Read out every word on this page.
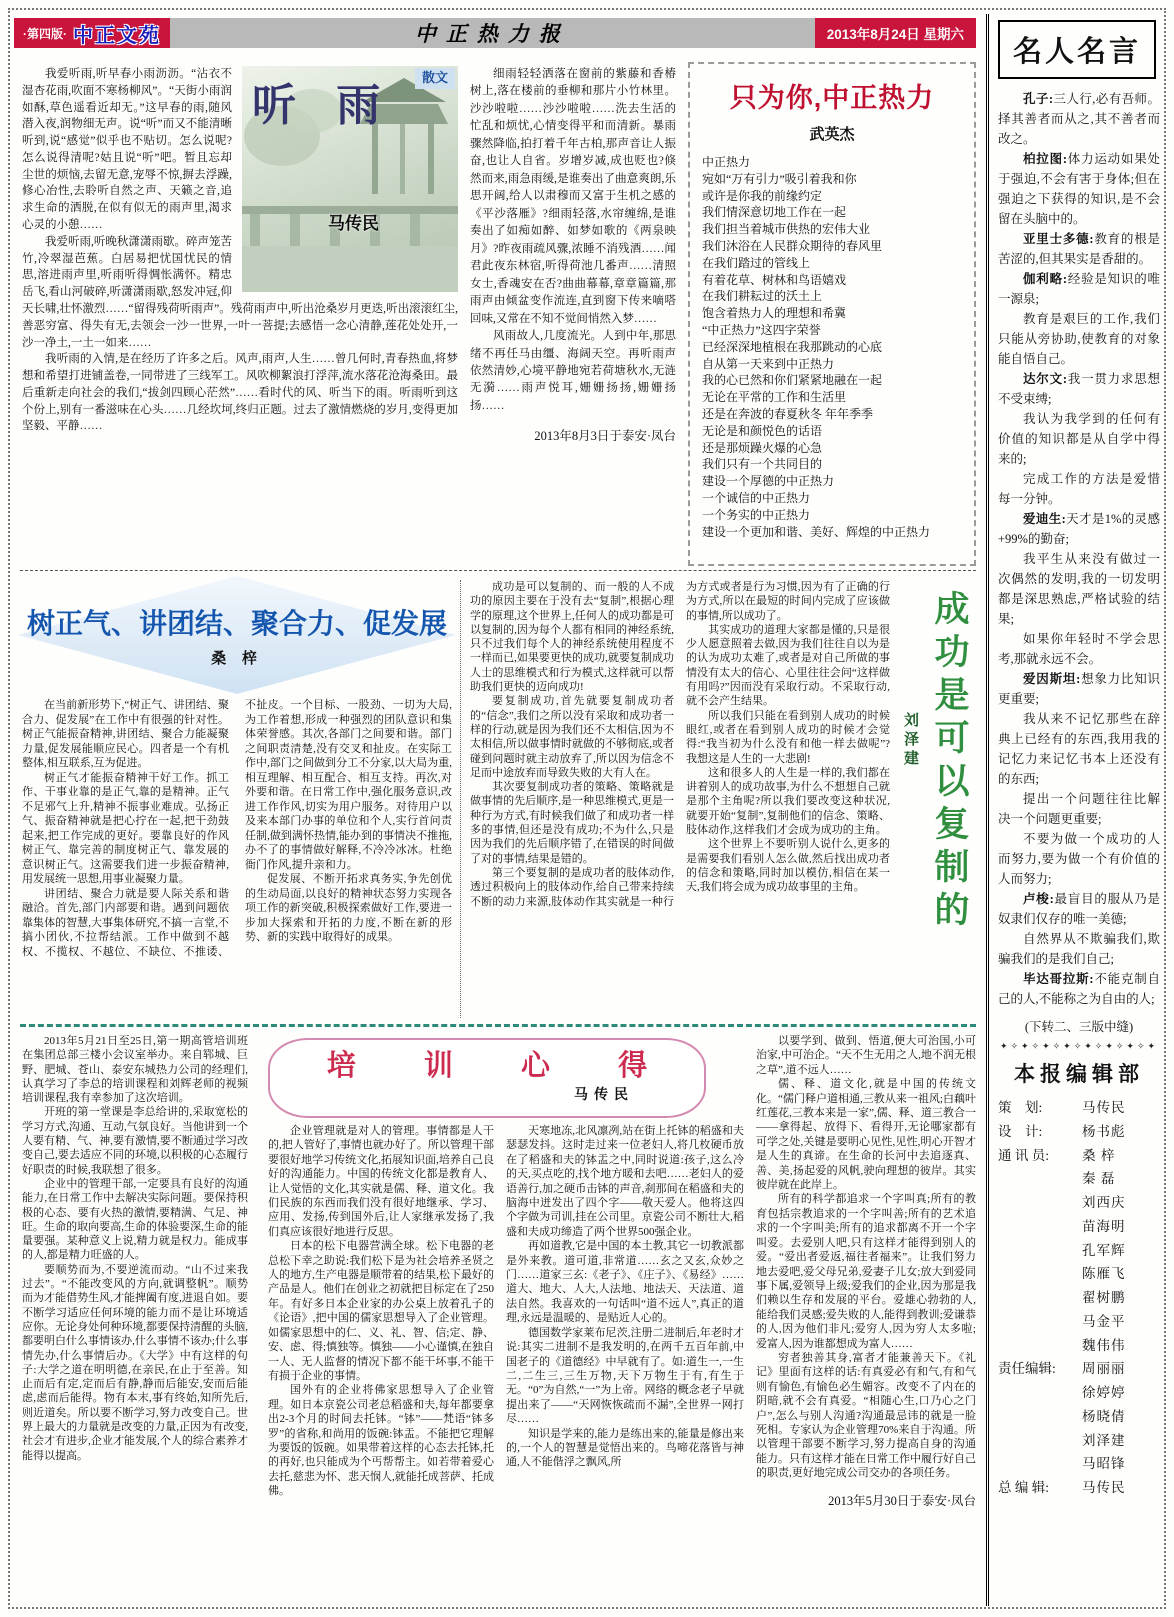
·第四版· 中正文苑	中正热力报	2013年8月24日 星期六
散文
听 雨
马传民

我爱听雨,听早春小雨沥沥。“沾衣不湿杏花雨,吹面不寒杨柳风”。“天街小雨润如酥,草色遥看近却无。”这早春的雨,随风潜入夜,润物细无声。说“听”而又不能清晰听到,说“感觉”似乎也不贴切。怎么说呢?怎么说得清呢?姑且说“听”吧。暂且忘却尘世的烦恼,去留无意,宠辱不惊,摒去浮躁,修心冶性,去聆听自然之声、天籁之音,追求生命的洒脱,在似有似无的雨声里,渴求心灵的小憩……

我爱听雨,听晚秋潇潇雨歇。碎声笼苦竹,冷翠湿芭蕉。白居易把忧国忧民的情思,溶进雨声里,听雨听得惆怅满怀。精忠岳飞,看山河破碎,听潇潇雨歇,怒发冲冠,仰天长啸,壮怀激烈……“留得残荷听雨声”。残荷雨声中,听出沧桑岁月更迭,听出滚滚红尘,善恶穷富、得失有无,去领会一沙一世界,一叶一菩提;去感悟一念心清静,莲花处处开,一沙一净土,一土一如来……

我听雨的入情,是在经历了许多之后。风声,雨声,人生……曾几何时,青春热血,将梦想和希望打进铺盖卷,一同带进了三线军工。风吹柳絮浪打浮萍,流水落花沧海桑田。最后重新走向社会的我们,“拔剑四顾心茫然”……看时代的风、听当下的雨。听雨听到这个份上,别有一番滋味在心头……几经坎坷,终归正题。过去了激情燃烧的岁月,变得更加坚毅、平静……

细雨轻轻洒落在窗前的紫藤和香椿树上,落在楼前的垂柳和那片小竹林里。沙沙啦啦……沙沙啦啦……洗去生活的忙乱和烦忧,心情变得平和而清新。暴雨骤然降临,拍打着千年古柏,那声音让人振奋,也让人自省。岁增岁减,成也贬也?倏然而来,雨急雨缓,是谁奏出了曲意爽朗,乐思开阔,给人以肃穆而又富于生机之感的《平沙落雁》?细雨轻落,水帘缠绵,是谁奏出了如痴如醉、如梦如歌的《两泉映月》?昨夜雨疏风骤,浓睡不消残酒……闻君此夜东林宿,听得荷池几番声……清照女士,香魂安在否?曲曲幕幕,章章篇篇,那雨声由倾盆变作流连,直到窗下传来嘀嗒回味,又常在不知不觉间悄然入梦……

风雨故人,几度流光。人到中年,那思绪不再任马由缰、海阔天空。再听雨声依然清妙,心境平静地宛若荷塘秋水,无涟无漪……雨声悦耳,姗姗扬扬,姗姗扬扬……

2013年8月3日于泰安·凤台
只为你,中正热力
武英杰
中正热力
宛如“万有引力”吸引着我和你
或许是你我的前缘约定
我们情深意切地工作在一起
我们担当着城市供热的宏伟大业
我们沐浴在人民群众期待的春风里
在我们踏过的管线上
有着花草、树林和鸟语嬉戏
在我们耕耘过的沃土上
饱含着热力人的理想和希冀
“中正热力”这四字荣誉
已经深深地植根在我那跳动的心底
自从第一天来到中正热力
我的心已然和你们紧紧地融在一起
无论在平常的工作和生活里
还是在奔波的春夏秋冬 年年季季
无论是和颜悦色的话语
还是那烦躁火爆的心急
我们只有一个共同目的
建设一个厚德的中正热力
一个诚信的中正热力
一个务实的中正热力
建设一个更加和谐、美好、辉煌的中正热力
树正气、讲团结、聚合力、促发展
桑 梓

在当前新形势下,“树正气、讲团结、聚合力、促发展”在工作中有很强的针对性。树正气能振奋精神,讲团结、聚合力能凝聚力量,促发展能顺应民心。四者是一个有机整体,相互联系,互为促进。

树正气才能振奋精神干好工作。抓工作、干事业靠的是正气,靠的是精神。正气不足邪气上升,精神不振事业难成。弘扬正气、振奋精神就是把心拧在一起,把干劲鼓起来,把工作完成的更好。要靠良好的作风树正气、靠完善的制度树正气、靠发展的意识树正气。这需要我们进一步振奋精神,用发展统一思想,用事业凝聚力量。

讲团结、聚合力就是要人际关系和谐融洽。首先,部门内部要和谐。遇到问题依靠集体的智慧,大事集体研究,不搞一言堂,不搞小团伙,不拉帮结派。工作中做到不越权、不揽权、不越位、不缺位、不推诿、不扯皮。一个目标、一股劲、一切为大局,为工作着想,形成一种强烈的团队意识和集体荣誉感。其次,各部门之间要和谐。部门之间职责清楚,没有交叉和扯皮。在实际工作中,部门之间做到分工不分家,以大局为重,相互理解、相互配合、相互支持。再次,对外要和谐。在日常工作中,强化服务意识,改进工作作风,切实为用户服务。对待用户以及来本部门办事的单位和个人,实行首问责任制,做到满怀热情,能办到的事情决不推拖,办不了的事情做好解释,不冷冷冰冰。杜绝衙门作风,提升亲和力。

促发展、不断开拓求真务实,争先创优的生动局面,以良好的精神状态努力实现各项工作的新突破,积极探索做好工作,要进一步加大探索和开拓的力度,不断在新的形势、新的实践中取得好的成果。

成功是可以复制的、而一般的人不成功的原因主要在于没有去“复制”,根据心理学的原理,这个世界上,任何人的成功都是可以复制的,因为每个人都有相同的神经系统,只不过我们每个人的神经系统使用程度不一样而已,如果要更快的成功,就要复制成功人士的思维模式和行为模式,这样就可以帮助我们更快的迈向成功!

要复制成功,首先就要复制成功者的“信念”,我们之所以没有采取和成功者一样的行动,就是因为我们还不太相信,因为不太相信,所以做事情时就做的不够彻底,或者碰到问题时就主动放弃了,所以因为信念不足而中途放弃而导致失败的大有人在。

其次要复制成功者的策略、策略就是做事情的先后顺序,是一种思维模式,更是一种行为方式,有时候我们做了和成功者一样多的事情,但还是没有成功;不为什么,只是因为我们的先后顺序错了,在错误的时间做了对的事情,结果是错的。

第三个要复制的是成功者的肢体动作,透过积极向上的肢体动作,给自己带来持续不断的动力来源,肢体动作其实就是一种行为方式或者是行为习惯,因为有了正确的行为方式,所以在最短的时间内完成了应该做的事情,所以成功了。

其实成功的道理大家都是懂的,只是很少人愿意照着去做,因为我们往往自以为是的认为成功太难了,或者是对自己所做的事情没有太大的信心、心里往往会问“这样做有用吗?”因而没有采取行动。不采取行动,就不会产生结果。

所以我们只能在看到别人成功的时候眼红,或者在看到别人成功的时候才会觉得:“我当初为什么没有和他一样去做呢”?我想这是人生的一大悲剧!

这和很多人的人生是一样的,我们都在讲着别人的成功故事,为什么不想想自己就是那个主角呢?所以我们要改变这种状况,就要开始“复制”,复制他们的信念、策略、肢体动作,这样我们才会成为成功的主角。

这个世界上不要听别人说什么,更多的是需要我们看别人怎么做,然后找出成功者的信念和策略,同时加以模仿,相信在某一天,我们将会成为成功故事里的主角。	成功是可以复制的
刘泽建

2013年5月21日至25日,第一期高管培训班在集团总部三楼小会议室举办。来自郓城、巨野、肥城、苍山、泰安东城热力公司的经理们,认真学习了李总的培训课程和刘辉老师的视频培训课程,我有幸参加了这次培训。

开班的第一堂课是李总给讲的,采取宽松的学习方式,沟通、互动,气氛良好。当他讲到一个人要有精、气、神,要有激情,要不断通过学习改变自己,要去适应不同的环境,以积极的心态履行好职责的时候,我联想了很多。

企业中的管理干部,一定要具有良好的沟通能力,在日常工作中去解决实际问题。要保持积极的心态、要有火热的激情,要精满、气足、神旺。生命的取向要高,生命的体验要深,生命的能量要强。某种意义上说,精力就是权力。能成事的人,都是精力旺盛的人。

要顺势而为,不要逆流而动。“山不过来我过去”。“不能改变风的方向,就调整帆”。顺势而为才能借势生风,才能捭阖有度,进退自如。要不断学习适应任何环境的能力而不是让环境适应你。无论身处何种环境,都要保持清醒的头脑,都要明白什么事情该办,什么事情不该办;什么事情先办,什么事情后办。《大学》中有这样的句子:大学之道在明明德,在亲民,在止于至善。知止而后有定,定而后有静,静而后能安,安而后能虑,虑而后能得。物有本末,事有终始,知所先后,则近道矣。所以要不断学习,努力改变自己。世界上最大的力量就是改变的力量,正因为有改变,社会才有进步,企业才能发展,个人的综合素养才能得以提高。

培 训 心 得
马传民

企业管理就是对人的管理。事情都是人干的,把人管好了,事情也就办好了。所以管理干部要很好地学习传统文化,拓展知识面,培养自己良好的沟通能力。中国的传统文化都是教育人、让人觉悟的文化,其实就是儒、释、道文化。我们民族的东西而我们没有很好地继承、学习、应用、发扬,传到国外后,让人家继承发扬了,我们真应该很好地进行反思。

日本的松下电器营满全球。松下电器的老总松下幸之助说:我们松下是为社会培养圣贤之人的地方,生产电器是顺带着的结果,松下最好的产品是人。他们在创业之初就把目标定在了250年。有好多日本企业家的办公桌上放着孔子的《论语》,把中国的儒家思想导入了企业管理。如儒家思想中的仁、义、礼、智、信;定、静、安、虑、得;慎独等。慎独——小心谨慎,在独自一人、无人监督的情况下都不能干坏事,不能干有损于企业的事情。

国外有的企业将佛家思想导入了企业管理。如日本京瓷公司老总稻盛和夫,每年都要拿出2-3个月的时间去托钵。“钵”——梵语“钵多罗”的省称,和尚用的饭碗:钵盂。不能把它理解为要饭的饭碗。如果带着这样的心态去托钵,托的再好,也只能成为个丐帮帮主。如若带着爱心去托,慈悲为怀、悲天悯人,就能托成菩萨、托成佛。

天寒地冻,北风凛冽,站在街上托钵的稻盛和夫瑟瑟发抖。这时走过来一位老妇人,将几枚硬币放在了稻盛和夫的钵盂之中,同时说道:孩子,这么冷的天,买点吃的,找个地方暖和去吧……老妇人的爱语善行,加之硬币击钵的声音,刹那间在稻盛和夫的脑海中迸发出了四个字——敬天爱人。他将这四个字做为司训,挂在公司里。京瓷公司不断壮大,稻盛和夫成功缔造了两个世界500强企业。

再如道教,它是中国的本土教,其它一切教派都是外来教。道可道,非常道……玄之又玄,众妙之门……道家三玄:《老子》、《庄子》、《易经》……道大、地大、人大,人法地、地法天、天法道、道法自然。我喜欢的一句话叫“道不远人”,真正的道理,永远是温暖的、是贴近人心的。

德国数学家莱布尼茨,注册二进制后,年老时才说:其实二进制不是我发明的,在两千五百年前,中国老子的《道德经》中早就有了。如:道生一,一生二,二生三,三生万物,天下万物生于有,有生于无。“0”为自然,“一”为上帝。网络的概念老子早就提出来了——“天网恢恢疏而不漏”,全世界一网打尽……

知识是学来的,能力是练出来的,能量是修出来的,一个人的智慧是觉悟出来的。鸟啼花落皆与神通,人不能偕浮之飘风,所

以要学到、做到、悟道,便大可治国,小可治家,中可治企。“天不生无用之人,地不润无根之草”,道不远人……

儒、释、道文化,就是中国的传统文化。“儒门释户道相通,三教从来一祖风;白藕叶红莲花,三教本来是一家”,儒、释、道三教合一——拿得起、放得下、看得开,无论哪家都有可学之处,关键是要明心见性,见性,明心开智才是人生的真谛。在生命的长河中去追逐真、善、美,扬起爱的风帆,驶向理想的彼岸。其实彼岸就在此岸上。

所有的科学都追求一个字叫真;所有的教育包括宗教追求的一个字叫善;所有的艺术追求的一个字叫美;所有的追求都离不开一个字叫爱。去爱别人吧,只有这样才能得到别人的爱。“爱出者爱返,福往者福来”。让我们努力地去爱吧,爱父母兄弟,爱妻子儿女;放大到爱同事下属,爱领导上级;爱我们的企业,因为那是我们赖以生存和发展的平台。爱雄心勃勃的人,能给我们灵感;爱失败的人,能得到教训;爱谦恭的人,因为他们非凡;爱穷人,因为穷人太多啦;爱富人,因为谁都想成为富人……

穷者独善其身,富者才能兼善天下。《礼记》里面有这样的话:有真爱必有和气,有和气则有愉色,有愉色必生媚容。改变不了内在的阴暗,就不会有真爱。“相随心生,口乃心之门户”,怎么与别人沟通?沟通最忌讳的就是一脸死相。专家认为企业管理70%来自于沟通。所以管理干部要不断学习,努力提高自身的沟通能力。只有这样才能在日常工作中履行好自己的职责,更好地完成公司交办的各项任务。

2013年5月30日于泰安·凤台
名人名言

孔子:三人行,必有吾师。择其善者而从之,其不善者而改之。

柏拉图:体力运动如果处于强迫,不会有害于身体;但在强迫之下获得的知识,是不会留在头脑中的。

亚里士多德:教育的根是苦涩的,但其果实是香甜的。

伽利略:经验是知识的唯一源泉;

教育是艰巨的工作,我们只能从旁协助,使教育的对象能自悟自己。

达尔文:我一贯力求思想不受束缚;

我认为我学到的任何有价值的知识都是从自学中得来的;

完成工作的方法是爱惜每一分钟。

爱迪生:天才是1%的灵感+99%的勤奋;

我平生从来没有做过一次偶然的发明,我的一切发明都是深思熟虑,严格试验的结果;

如果你年轻时不学会思考,那就永远不会。

爱因斯坦:想象力比知识更重要;

我从来不记忆那些在辞典上已经有的东西,我用我的记忆力来记忆书本上还没有的东西;

提出一个问题往往比解决一个问题更重要;

不要为做一个成功的人而努力,要为做一个有价值的人而努力;

卢梭:最盲目的服从乃是奴隶们仅存的唯一美德;

自然界从不欺骗我们,欺骗我们的是我们自己;

毕达哥拉斯:不能克制自己的人,不能称之为自由的人;

(下转二、三版中缝)
✦✧✦✧✦✧✦✧✦✧✦✧✦✧✦
本报编辑部
策    划:	马传民
设    计:	杨书彪
通 讯 员:	桑 梓
秦 磊
刘西庆
苗海明
孔军辉
陈雁飞
翟树鹏
马金平
魏伟伟
责任编辑:	周丽丽
徐婷婷
杨晓倩
刘泽建
马昭锋
总 编 辑:	马传民
